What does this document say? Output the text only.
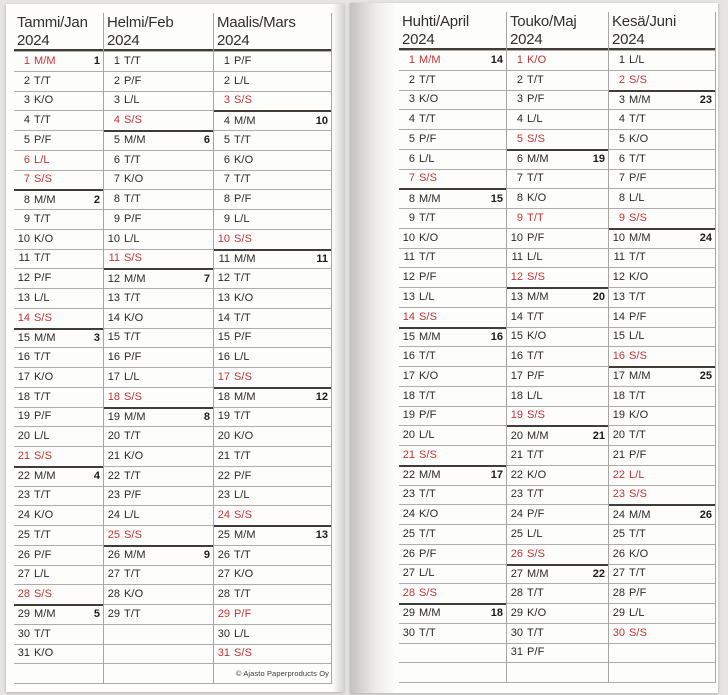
Tammi/Jan
2024
1 M/M	1
2 T/T
3 K/O
4 T/T
5 P/F
6 L/L
7 S/S
8 M/M	2
9 T/T
10 K/O
11 T/T
12 P/F
13 L/L
14 S/S
15 M/M	3
16 T/T
17 K/O
18 T/T
19 P/F
20 L/L
21 S/S
22 M/M	4
23 T/T
24 K/O
25 T/T
26 P/F
27 L/L
28 S/S
29 M/M	5
30 T/T
31 K/O
Helmi/Feb
2024
1 T/T
2 P/F
3 L/L
4 S/S
5 M/M	6
6 T/T
7 K/O
8 T/T
9 P/F
10 L/L
11 S/S
12 M/M	7
13 T/T
14 K/O
15 T/T
16 P/F
17 L/L
18 S/S
19 M/M	8
20 T/T
21 K/O
22 T/T
23 P/F
24 L/L
25 S/S
26 M/M	9
27 T/T
28 K/O
29 T/T
Maalis/Mars
2024
1 P/F
2 L/L
3 S/S
4 M/M	10
5 T/T
6 K/O
7 T/T
8 P/F
9 L/L
10 S/S
11 M/M	11
12 T/T
13 K/O
14 T/T
15 P/F
16 L/L
17 S/S
18 M/M	12
19 T/T
20 K/O
21 T/T
22 P/F
23 L/L
24 S/S
25 M/M	13
26 T/T
27 K/O
28 T/T
29 P/F
30 L/L
31 S/S
© Ajasto Paperproducts Oy
Huhti/April
2024
1 M/M	14
2 T/T
3 K/O
4 T/T
5 P/F
6 L/L
7 S/S
8 M/M	15
9 T/T
10 K/O
11 T/T
12 P/F
13 L/L
14 S/S
15 M/M	16
16 T/T
17 K/O
18 T/T
19 P/F
20 L/L
21 S/S
22 M/M	17
23 T/T
24 K/O
25 T/T
26 P/F
27 L/L
28 S/S
29 M/M	18
30 T/T
Touko/Maj
2024
1 K/O
2 T/T
3 P/F
4 L/L
5 S/S
6 M/M	19
7 T/T
8 K/O
9 T/T
10 P/F
11 L/L
12 S/S
13 M/M	20
14 T/T
15 K/O
16 T/T
17 P/F
18 L/L
19 S/S
20 M/M	21
21 T/T
22 K/O
23 T/T
24 P/F
25 L/L
26 S/S
27 M/M	22
28 T/T
29 K/O
30 T/T
31 P/F
Kesä/Juni
2024
1 L/L
2 S/S
3 M/M	23
4 T/T
5 K/O
6 T/T
7 P/F
8 L/L
9 S/S
10 M/M	24
11 T/T
12 K/O
13 T/T
14 P/F
15 L/L
16 S/S
17 M/M	25
18 T/T
19 K/O
20 T/T
21 P/F
22 L/L
23 S/S
24 M/M	26
25 T/T
26 K/O
27 T/T
28 P/F
29 L/L
30 S/S
